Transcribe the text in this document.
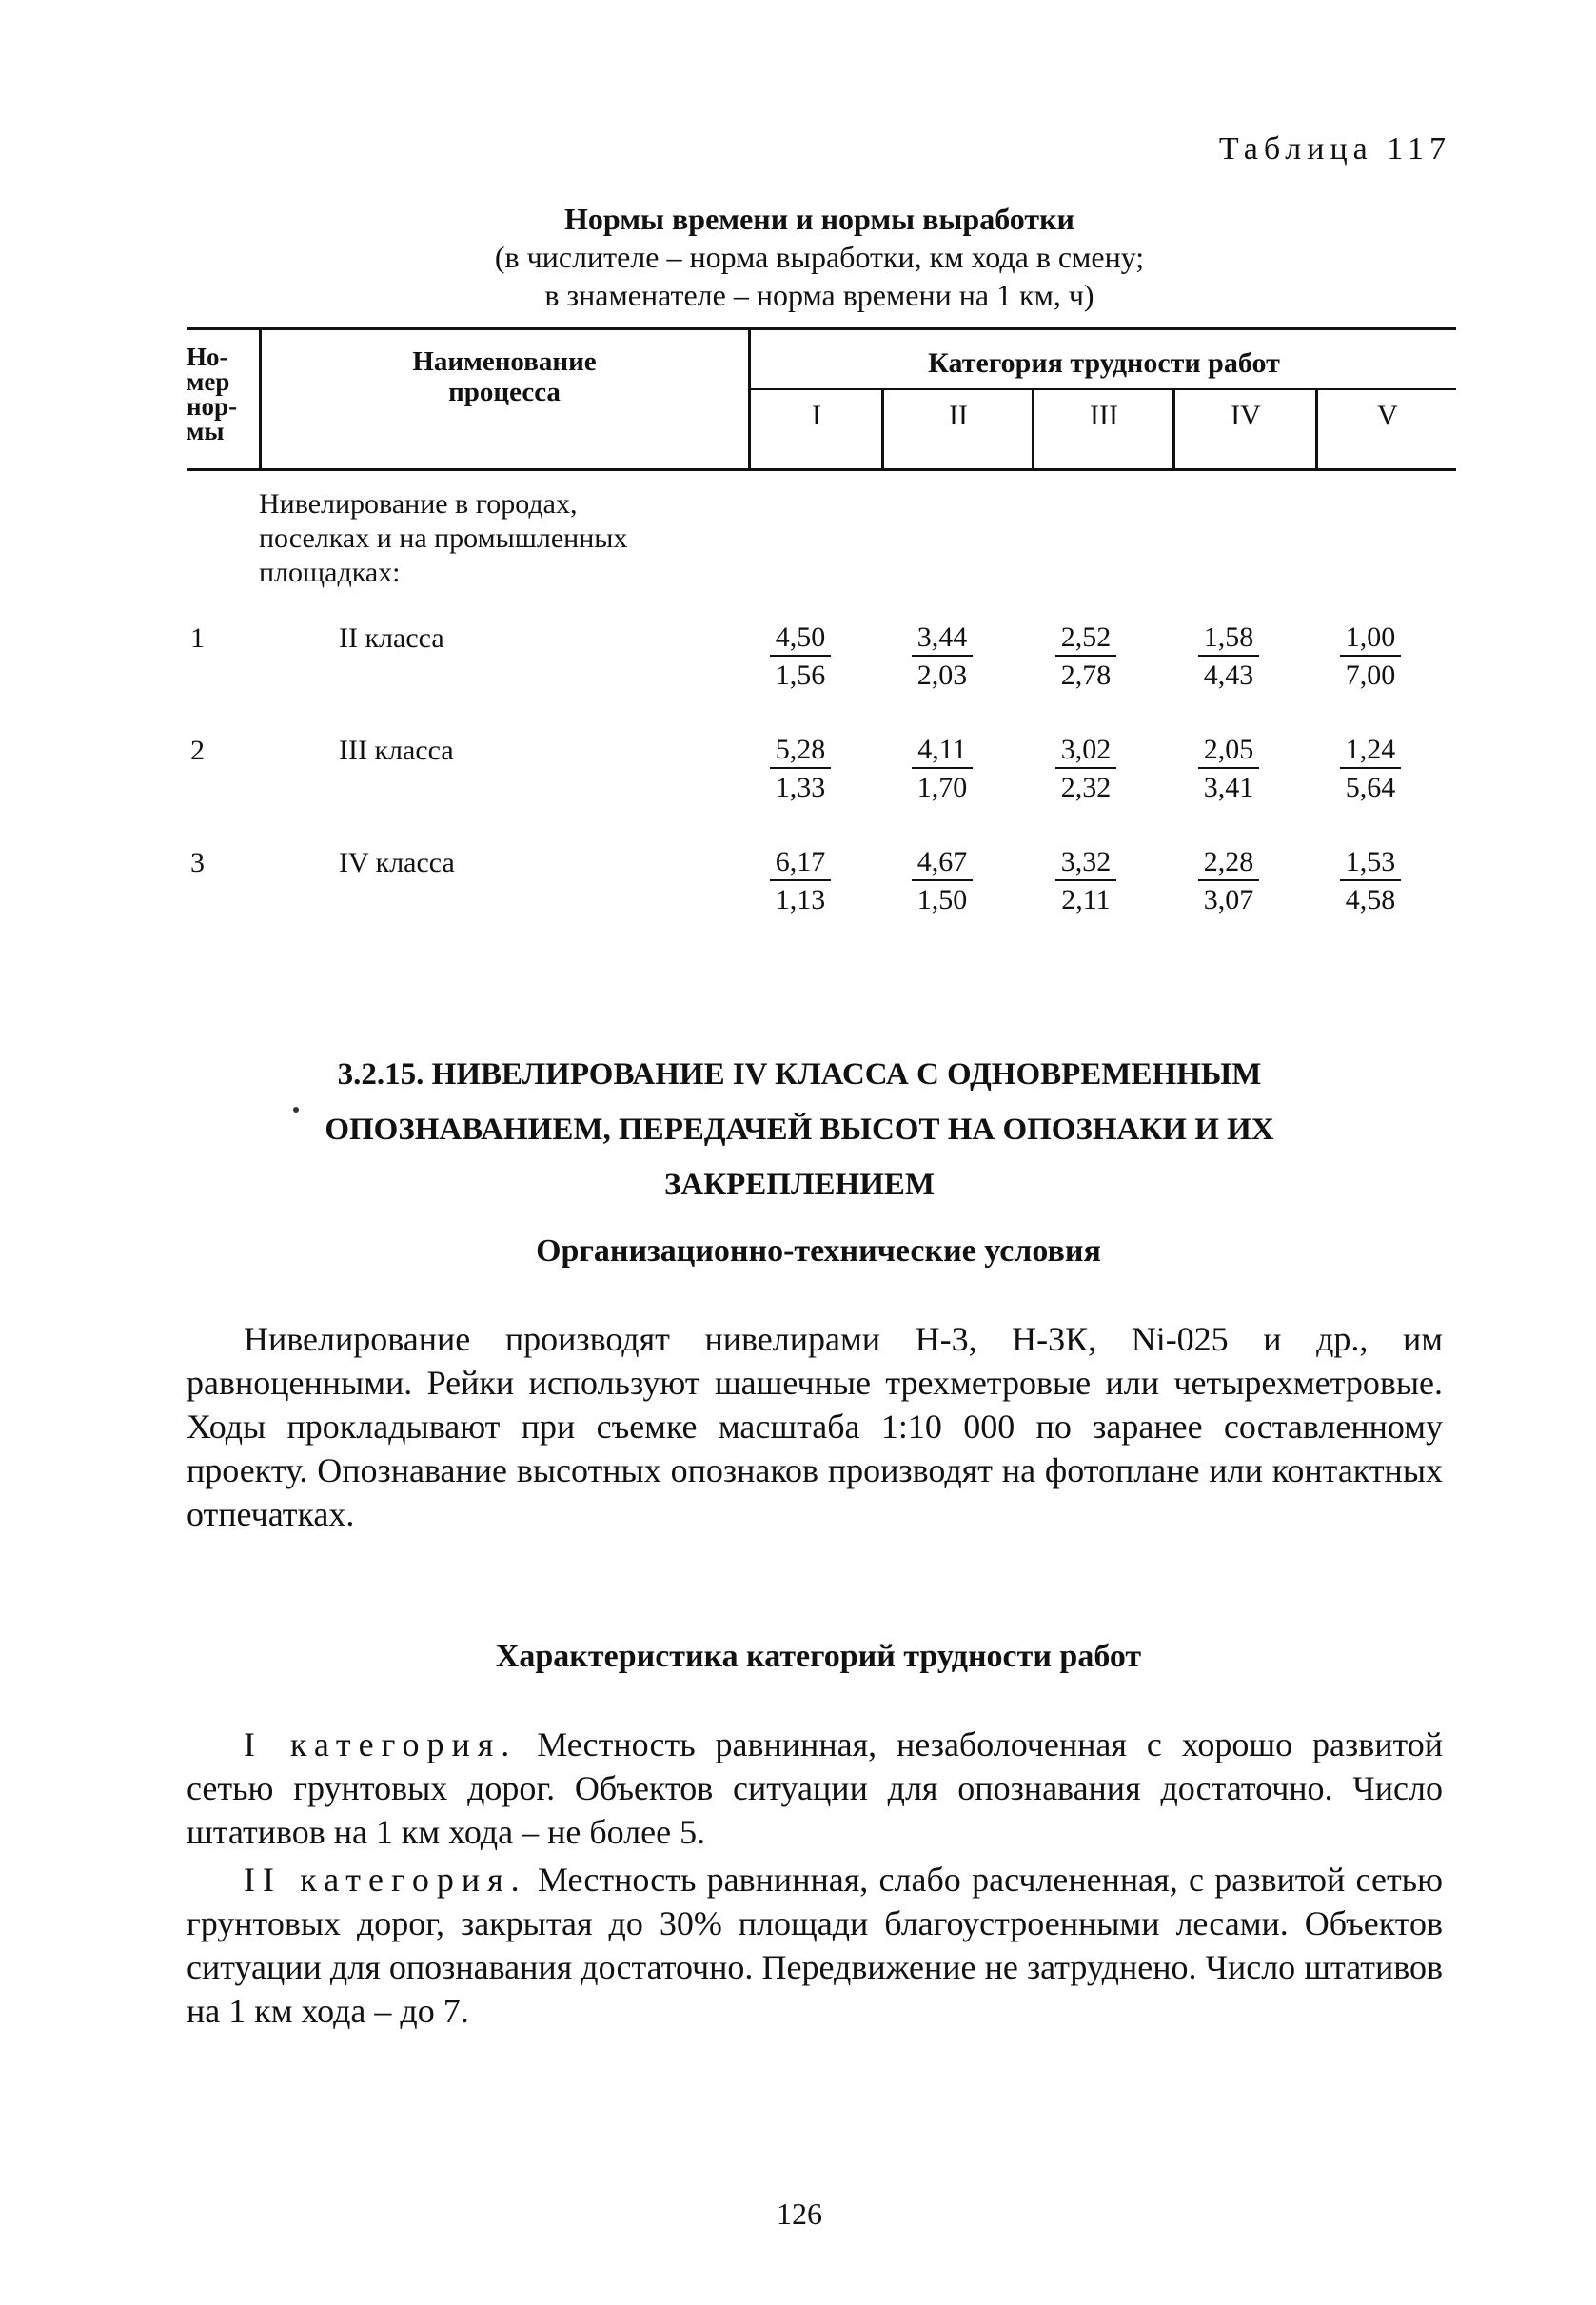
Таблица 117
Нормы времени и нормы выработки
(в числителе – норма выработки, км хода в смену;
в знаменателе – норма времени на 1 км, ч)
Но-
мер
нор-
мы
Наименование
процесса
Категория трудности работ
I	II	III	IV	V
Нивелирование в городах,
поселках и на промышленных
площадках:
1	II класса	$\frac{4,50}{1,56} \frac{3,44}{2,03} \frac{2,52}{2,78} \frac{1,58}{4,43} \frac{1,00}{7,00}$
2	III класса	$\frac{5,28}{1,33} \frac{4,11}{1,70} \frac{3,02}{2,32} \frac{2,05}{3,41} \frac{1,24}{5,64}$
3	IV класса	$\frac{6,17}{1,13} \frac{4,67}{1,50} \frac{3,32}{2,11} \frac{2,28}{3,07} \frac{1,53}{4,58}$
3.2.15. НИВЕЛИРОВАНИЕ IV КЛАССА С ОДНОВРЕМЕННЫМ
ОПОЗНАВАНИЕМ, ПЕРЕДАЧЕЙ ВЫСОТ НА ОПОЗНАКИ И ИХ
ЗАКРЕПЛЕНИЕМ
Организационно-технические условия

Нивелирование производят нивелирами Н-3, Н-3К, Ni-025 и др., им равноценными. Рейки используют шашечные трехметровые или четырехметровые. Ходы прокладывают при съемке масштаба 1:10 000 по заранее составленному проекту. Опознавание высотных опознаков производят на фотоплане или контактных отпечатках.

Характеристика категорий трудности работ

I категория. Местность равнинная, незаболоченная с хорошо развитой сетью грунтовых дорог. Объектов ситуации для опознавания достаточно. Число штативов на 1 км хода – не более 5.

II категория. Местность равнинная, слабо расчлененная, с развитой сетью грунтовых дорог, закрытая до 30% площади благоустроенными лесами. Объектов ситуации для опознавания достаточно. Передвижение не затруднено. Число штативов на 1 км хода – до 7.

126
